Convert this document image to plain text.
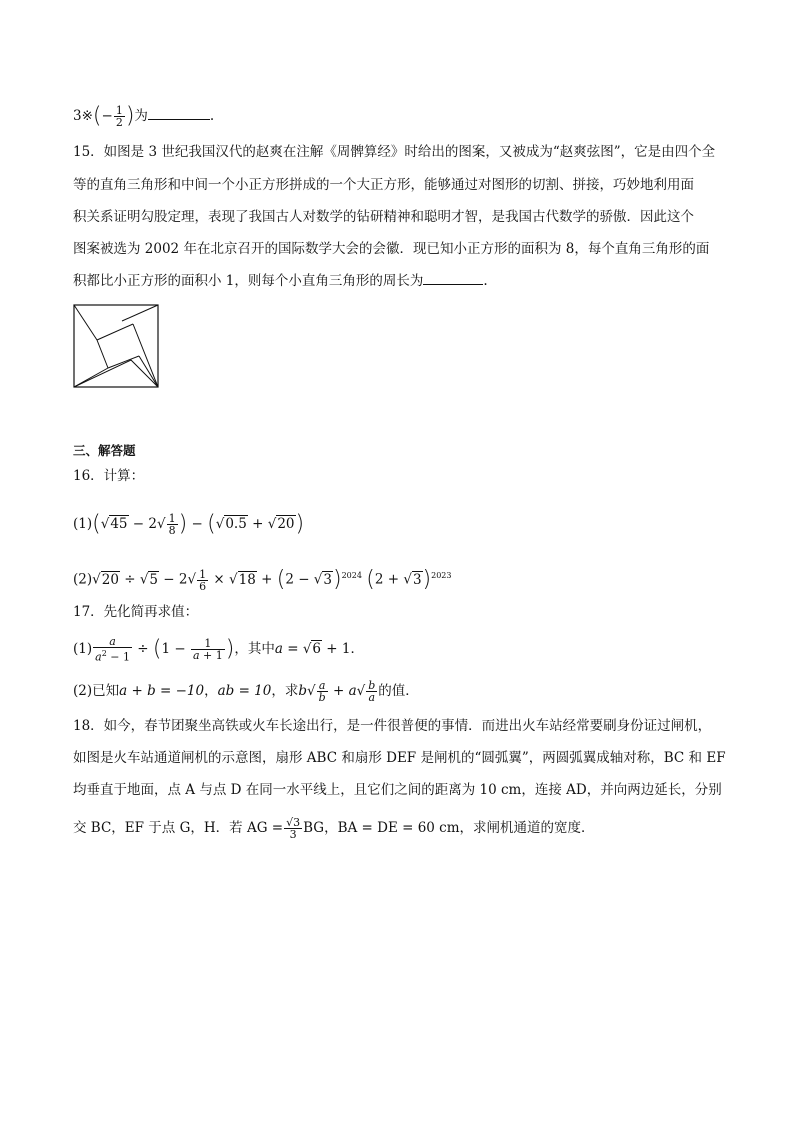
3※(− $\frac{1}{2}$ )为	.
15．如图是 3 世纪我国汉代的赵爽在注解《周髀算经》时给出的图案，又被成为“赵爽弦图”，它是由四个全
等的直角三角形和中间一个小正方形拼成的一个大正方形，能够通过对图形的切割、拼接，巧妙地利用面
积关系证明勾股定理，表现了我国古人对数学的钻研精神和聪明才智，是我国古代数学的骄傲．因此这个
图案被选为 2002 年在北京召开的国际数学大会的会徽．现已知小正方形的面积为 8，每个直角三角形的面
积都比小正方形的面积小 1，则每个小直角三角形的周长为	.
三、解答题
16．计算：
$(1)(√45 - 2√ \frac{1}{8}$ ) − (√0.5 + √20)
$(2)√20 \div √5 - 2√ \frac{1}{6} \times √18 + (2 - √3)^{2024}$ $(2 + √3)^{2023}$
17．先化简再求值：
$(1) \frac{a}{a^2 - 1} \div (1 - \frac{1}{a + 1}$ )，其中a = √6 + 1．
(2)已知a + b = −10，ab = 10，求$b√ \frac{a}{b} + a√ \frac{b}{a}$ 的值．
18．如今，春节团聚坐高铁或火车长途出行，是一件很普便的事情．而进出火车站经常要刷身份证过闸机，
如图是火车站通道闸机的示意图，扇形 ABC 和扇形 DEF 是闸机的“圆弧翼”，两圆弧翼成轴对称，BC 和 EF
均垂直于地面，点 A 与点 D 在同一水平线上，且它们之间的距离为 10 cm，连接 AD，并向两边延长，分别
交 BC，EF 于点 G，H．若 AG = $\frac{√3}{3}$ BG，BA = DE = 60 cm，求闸机通道的宽度．
